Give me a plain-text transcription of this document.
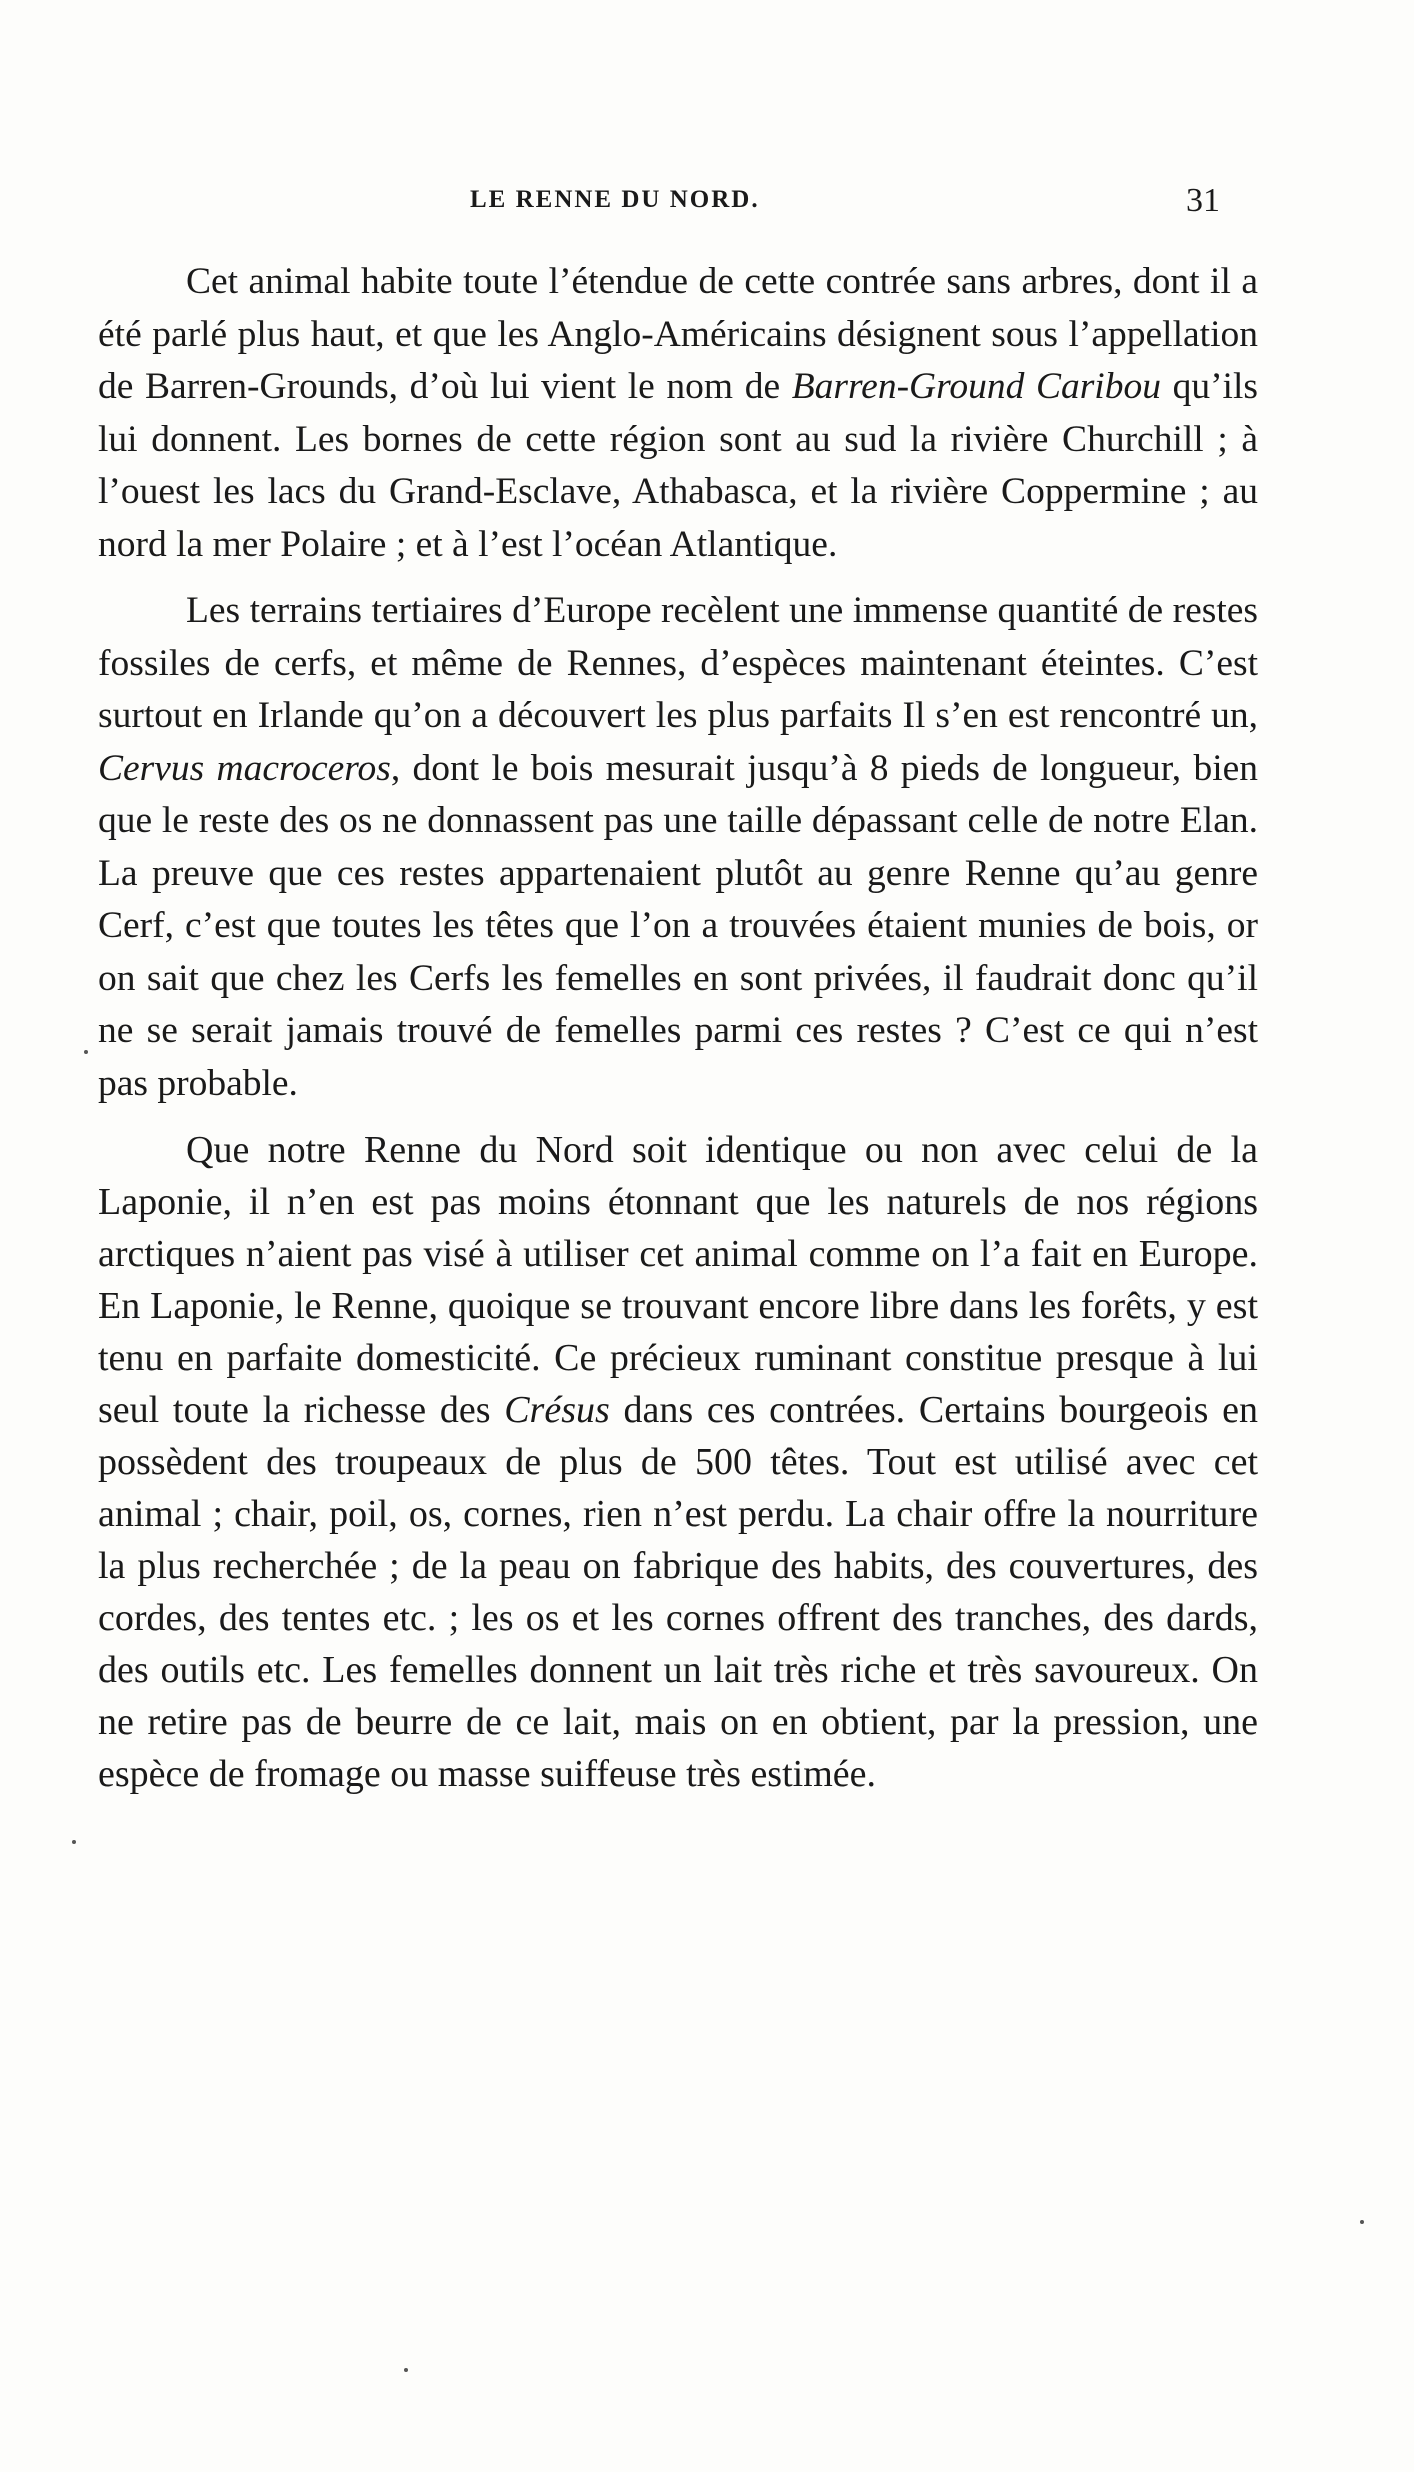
LE RENNE DU NORD.	31

Cet animal habite toute l’étendue de cette contrée sans arbres, dont il a été parlé plus haut, et que les Anglo-Américains désignent sous l’appellation de Barren-Grounds, d’où lui vient le nom de Barren-Ground Caribou qu’ils lui donnent. Les bornes de cette région sont au sud la rivière Churchill ; à l’ouest les lacs du Grand-Esclave, Athabasca, et la rivière Coppermine ; au nord la mer Polaire ; et à l’est l’océan Atlantique.

Les terrains tertiaires d’Europe recèlent une immense quantité de restes fossiles de cerfs, et même de Rennes, d’espèces maintenant éteintes. C’est surtout en Irlande qu’on a découvert les plus parfaits Il s’en est rencontré un, Cervus macroceros, dont le bois mesurait jusqu’à 8 pieds de longueur, bien que le reste des os ne donnassent pas une taille dépassant celle de notre Elan. La preuve que ces restes appartenaient plutôt au genre Renne qu’au genre Cerf, c’est que toutes les têtes que l’on a trouvées étaient munies de bois, or on sait que chez les Cerfs les femelles en sont privées, il faudrait donc qu’il ne se serait jamais trouvé de femelles parmi ces restes ? C’est ce qui n’est pas probable.

Que notre Renne du Nord soit identique ou non avec celui de la Laponie, il n’en est pas moins étonnant que les naturels de nos régions arctiques n’aient pas visé à utiliser cet animal comme on l’a fait en Europe. En Laponie, le Renne, quoique se trouvant encore libre dans les forêts, y est tenu en parfaite domesticité. Ce précieux ruminant constitue presque à lui seul toute la richesse des Crésus dans ces contrées. Certains bourgeois en possèdent des troupeaux de plus de 500 têtes. Tout est utilisé avec cet animal ; chair, poil, os, cornes, rien n’est perdu. La chair offre la nourriture la plus recherchée ; de la peau on fabrique des habits, des couvertures, des cordes, des tentes etc. ; les os et les cornes offrent des tranches, des dards, des outils etc. Les femelles donnent un lait très riche et très savoureux. On ne retire pas de beurre de ce lait, mais on en obtient, par la pression, une espèce de fromage ou masse suiffeuse très estimée.
